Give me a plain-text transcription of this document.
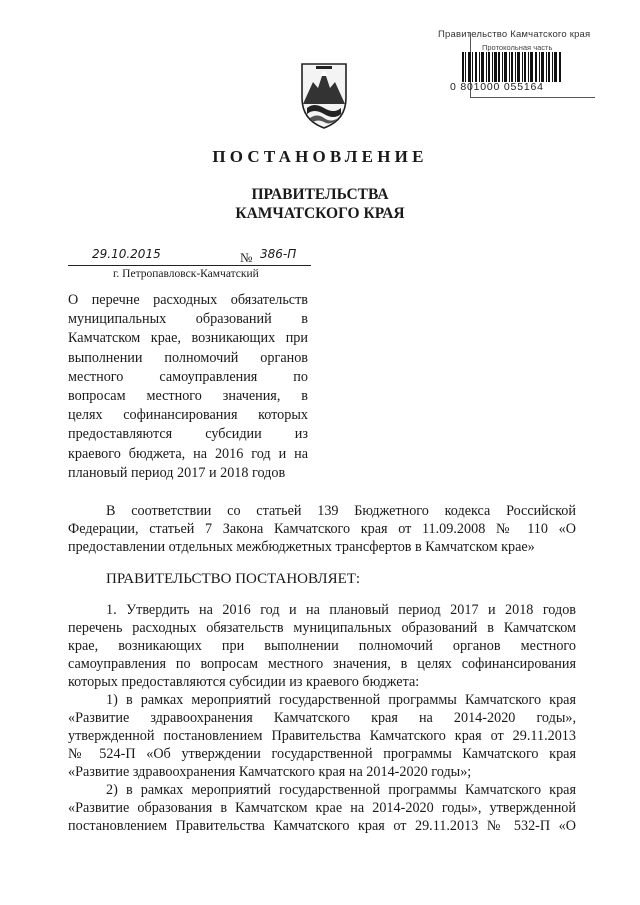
Правительство Камчатского края
Протокольная часть
0 801000 055164
ПОСТАНОВЛЕНИЕ
ПРАВИТЕЛЬСТВА
КАМЧАТСКОГО КРАЯ
29.10.2015	№ 386-П
г. Петропавловск-Камчатский
О перечне расходных обязательств
муниципальных образований в
Камчатском крае, возникающих при
выполнении полномочий органов
местного самоуправления по
вопросам местного значения, в
целях софинансирования которых
предоставляются субсидии из
краевого бюджета, на 2016 год и на
плановый период 2017 и 2018 годов
В соответствии со статьей 139 Бюджетного кодекса Российской
Федерации, статьей 7 Закона Камчатского края от 11.09.2008 № 110 «О
предоставлении отдельных межбюджетных трансфертов в Камчатском крае»
ПРАВИТЕЛЬСТВО ПОСТАНОВЛЯЕТ:
1. Утвердить на 2016 год и на плановый период 2017 и 2018 годов
перечень расходных обязательств муниципальных образований в Камчатском
крае, возникающих при выполнении полномочий органов местного
самоуправления по вопросам местного значения, в целях софинансирования
которых предоставляются субсидии из краевого бюджета:
1) в рамках мероприятий государственной программы Камчатского края
«Развитие здравоохранения Камчатского края на 2014-2020 годы»,
утвержденной постановлением Правительства Камчатского края от 29.11.2013
№ 524-П «Об утверждении государственной программы Камчатского края
«Развитие здравоохранения Камчатского края на 2014-2020 годы»;
2) в рамках мероприятий государственной программы Камчатского края
«Развитие образования в Камчатском крае на 2014-2020 годы», утвержденной
постановлением Правительства Камчатского края от 29.11.2013 № 532-П «О
